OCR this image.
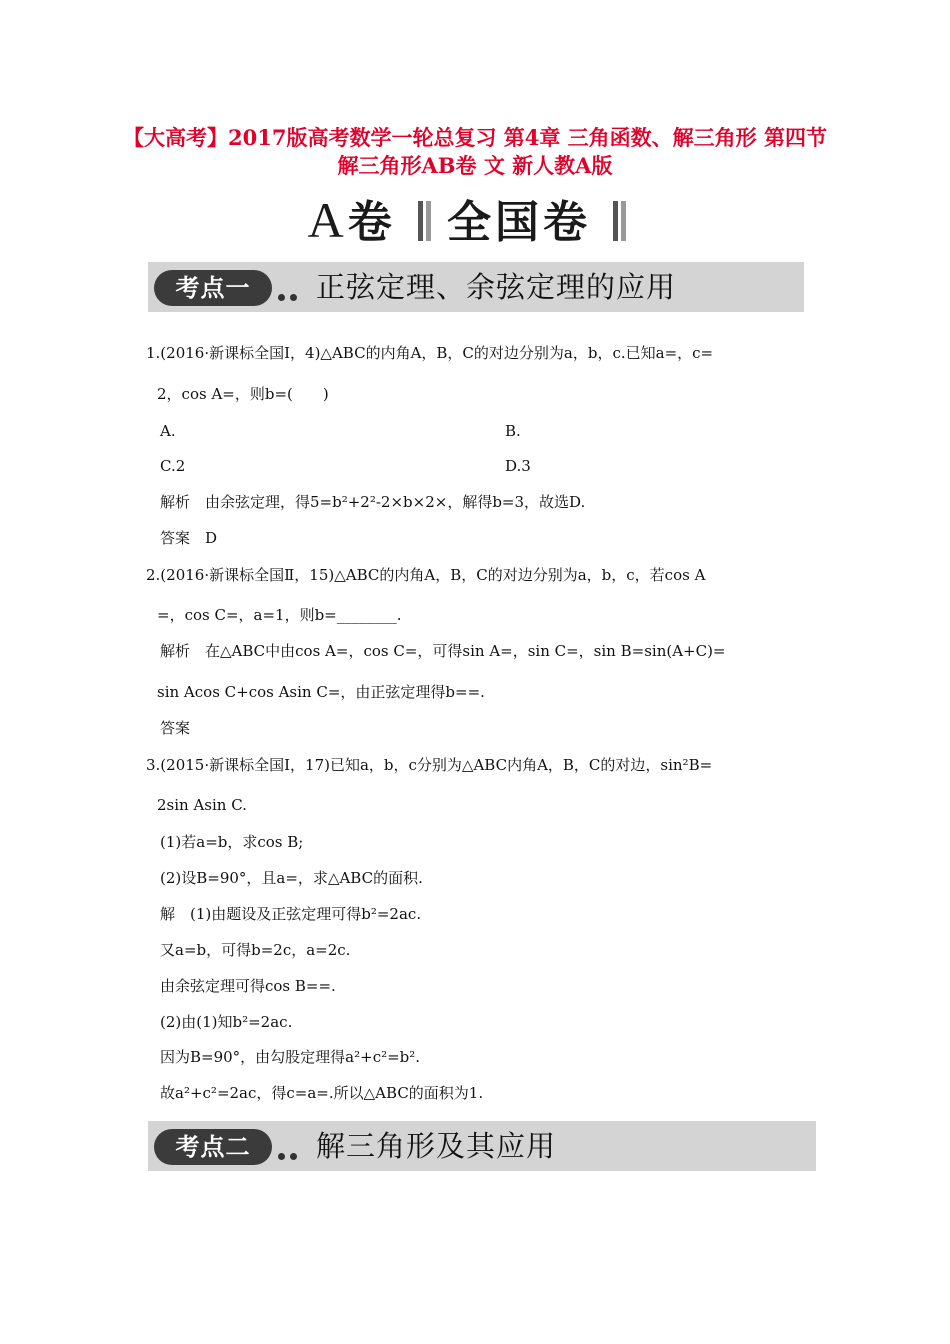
【大高考】2017版高考数学一轮总复习 第4章 三角函数、解三角形 第四节 解三角形AB卷 文 新人教A版
A卷 全国卷
考点一	正弦定理、余弦定理的应用
1.(2016·新课标全国Ⅰ，4)△ABC的内角A，B，C的对边分别为a，b，c.已知a=，c=
2，cos A=，则b=(　　)
A.	B.
C.2	D.3
解析　由余弦定理，得5=b²+2²-2×b×2×，解得b=3，故选D.
答案　D
2.(2016·新课标全国Ⅱ，15)△ABC的内角A，B，C的对边分别为a，b，c，若cos A
=，cos C=，a=1，则b=________.
解析　在△ABC中由cos A=，cos C=，可得sin A=，sin C=，sin B=sin(A+C)=
sin Acos C+cos Asin C=，由正弦定理得b==.
答案
3.(2015·新课标全国Ⅰ，17)已知a，b，c分别为△ABC内角A，B，C的对边，sin²B=
2sin Asin C.
(1)若a=b，求cos B;
(2)设B=90°，且a=，求△ABC的面积.
解　(1)由题设及正弦定理可得b²=2ac.
又a=b，可得b=2c，a=2c.
由余弦定理可得cos B==.
(2)由(1)知b²=2ac.
因为B=90°，由勾股定理得a²+c²=b².
故a²+c²=2ac，得c=a=.所以△ABC的面积为1.
考点二	解三角形及其应用
